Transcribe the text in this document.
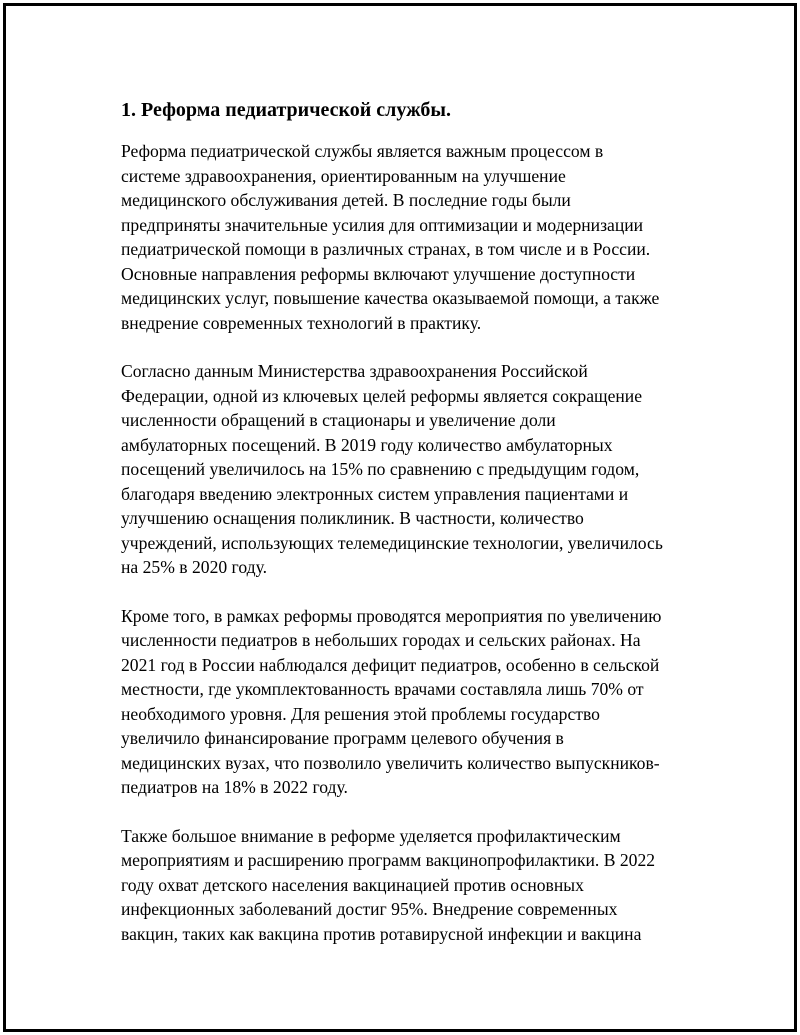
1. Реформа педиатрической службы.
Реформа педиатрической службы является важным процессом в
системе здравоохранения, ориентированным на улучшение
медицинского обслуживания детей. В последние годы были
предприняты значительные усилия для оптимизации и модернизации
педиатрической помощи в различных странах, в том числе и в России.
Основные направления реформы включают улучшение доступности
медицинских услуг, повышение качества оказываемой помощи, а также
внедрение современных технологий в практику.
Согласно данным Министерства здравоохранения Российской
Федерации, одной из ключевых целей реформы является сокращение
численности обращений в стационары и увеличение доли
амбулаторных посещений. В 2019 году количество амбулаторных
посещений увеличилось на 15% по сравнению с предыдущим годом,
благодаря введению электронных систем управления пациентами и
улучшению оснащения поликлиник. В частности, количество
учреждений, использующих телемедицинские технологии, увеличилось
на 25% в 2020 году.
Кроме того, в рамках реформы проводятся мероприятия по увеличению
численности педиатров в небольших городах и сельских районах. На
2021 год в России наблюдался дефицит педиатров, особенно в сельской
местности, где укомплектованность врачами составляла лишь 70% от
необходимого уровня. Для решения этой проблемы государство
увеличило финансирование программ целевого обучения в
медицинских вузах, что позволило увеличить количество выпускников-
педиатров на 18% в 2022 году.
Также большое внимание в реформе уделяется профилактическим
мероприятиям и расширению программ вакцинопрофилактики. В 2022
году охват детского населения вакцинацией против основных
инфекционных заболеваний достиг 95%. Внедрение современных
вакцин, таких как вакцина против ротавирусной инфекции и вакцина
